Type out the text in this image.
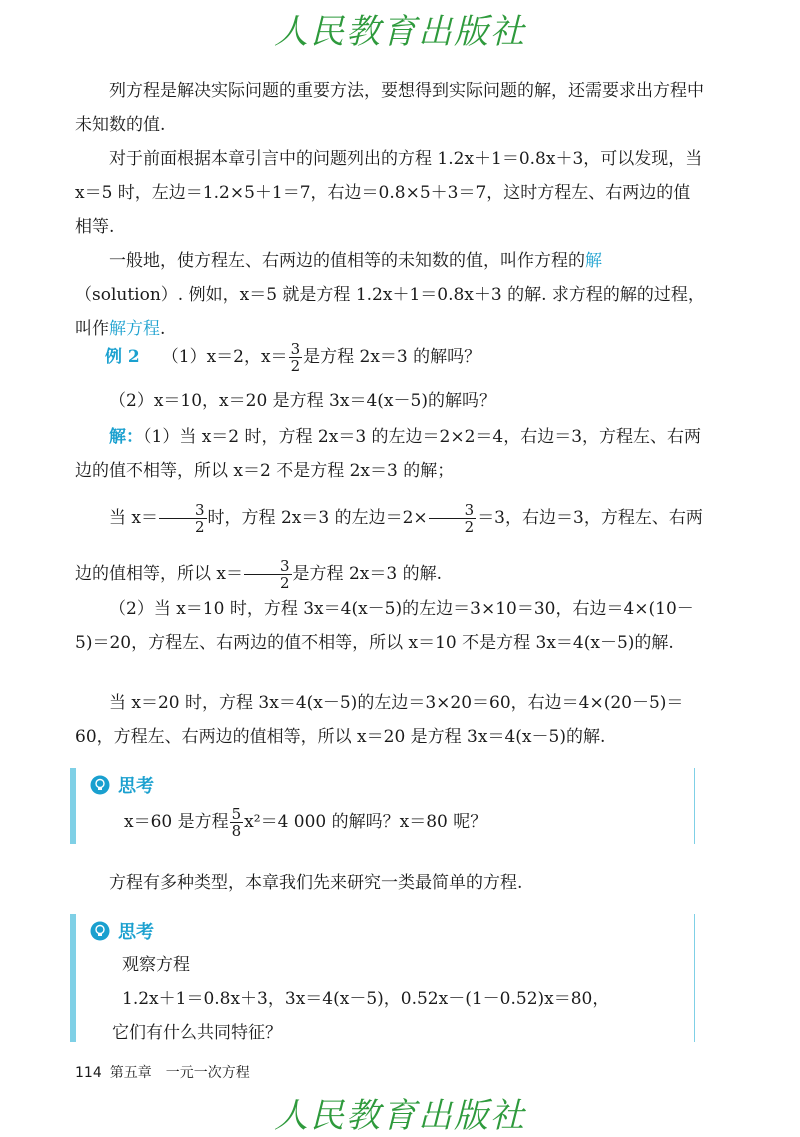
人民教育出版社

列方程是解决实际问题的重要方法，要想得到实际问题的解，还需要求出方程中未知数的值.

对于前面根据本章引言中的问题列出的方程 1.2x＋1＝0.8x＋3，可以发现，当 x＝5 时，左边＝1.2×5＋1＝7，右边＝0.8×5＋3＝7，这时方程左、右两边的值相等.

一般地，使方程左、右两边的值相等的未知数的值，叫作方程的解（solution）. 例如，x＝5 就是方程 1.2x＋1＝0.8x＋3 的解. 求方程的解的过程，叫作解方程.

例 2 （1）x＝2，$x= \frac{3}{2}$ 是方程 2x＝3 的解吗？

（2）x＝10，x＝20 是方程 3x＝4(x－5)的解吗？

解：（1）当 x＝2 时，方程 2x＝3 的左边＝2×2＝4，右边＝3，方程左、右两边的值不相等，所以 x＝2 不是方程 2x＝3 的解；

当 $x= \frac{3}{2}$ 时，方程 2x＝3 的左边$=2\times \frac{3}{2} =3$，右边＝3，方程左、右两边的值相等，所以 $x= \frac{3}{2}$ 是方程 2x＝3 的解.

（2）当 x＝10 时，方程 3x＝4(x－5)的左边＝3×10＝30，右边＝4×(10－5)＝20，方程左、右两边的值不相等，所以 x＝10 不是方程 3x＝4(x－5)的解.

当 x＝20 时，方程 3x＝4(x－5)的左边＝3×20＝60，右边＝4×(20－5)＝60，方程左、右两边的值相等，所以 x＝20 是方程 3x＝4(x－5)的解.

思考

x＝60 是方程 $\frac{5}{8} x^2=4$ 000 的解吗？x＝80 呢？

方程有多种类型，本章我们先来研究一类最简单的方程.

思考

观察方程

1.2x＋1＝0.8x＋3，3x＝4(x－5)，0.52x－(1－0.52)x＝80，

它们有什么共同特征？

114 第五章　一元一次方程
人民教育出版社
